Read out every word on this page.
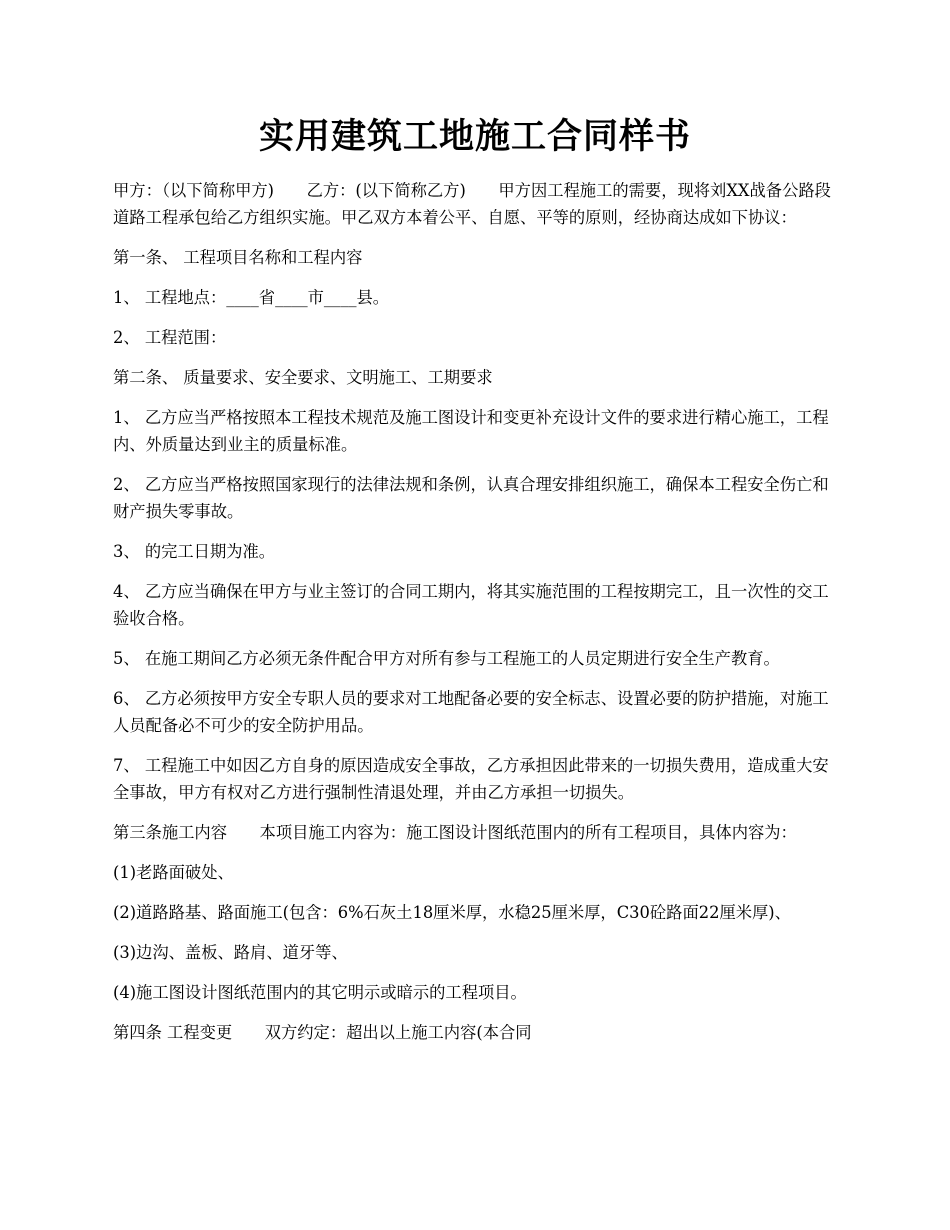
实用建筑工地施工合同样书

甲方：（以下简称甲方)　　乙方：(以下简称乙方)　　甲方因工程施工的需要，现将刘XX战备公路段道路工程承包给乙方组织实施。甲乙双方本着公平、自愿、平等的原则，经协商达成如下协议：

第一条、 工程项目名称和工程内容

1、 工程地点：____省____市____县。

2、 工程范围：

第二条、 质量要求、安全要求、文明施工、工期要求

1、 乙方应当严格按照本工程技术规范及施工图设计和变更补充设计文件的要求进行精心施工，工程内、外质量达到业主的质量标准。

2、 乙方应当严格按照国家现行的法律法规和条例，认真合理安排组织施工，确保本工程安全伤亡和财产损失零事故。

3、 的完工日期为准。

4、 乙方应当确保在甲方与业主签订的合同工期内，将其实施范围的工程按期完工，且一次性的交工验收合格。

5、 在施工期间乙方必须无条件配合甲方对所有参与工程施工的人员定期进行安全生产教育。

6、 乙方必须按甲方安全专职人员的要求对工地配备必要的安全标志、设置必要的防护措施，对施工人员配备必不可少的安全防护用品。

7、 工程施工中如因乙方自身的原因造成安全事故，乙方承担因此带来的一切损失费用，造成重大安全事故，甲方有权对乙方进行强制性清退处理，并由乙方承担一切损失。

第三条施工内容　　本项目施工内容为：施工图设计图纸范围内的所有工程项目，具体内容为：

(1)老路面破处、

(2)道路路基、路面施工(包含：6%石灰土18厘米厚，水稳25厘米厚，C30砼路面22厘米厚)、

(3)边沟、盖板、路肩、道牙等、

(4)施工图设计图纸范围内的其它明示或暗示的工程项目。

第四条 工程变更　　双方约定：超出以上施工内容(本合同
